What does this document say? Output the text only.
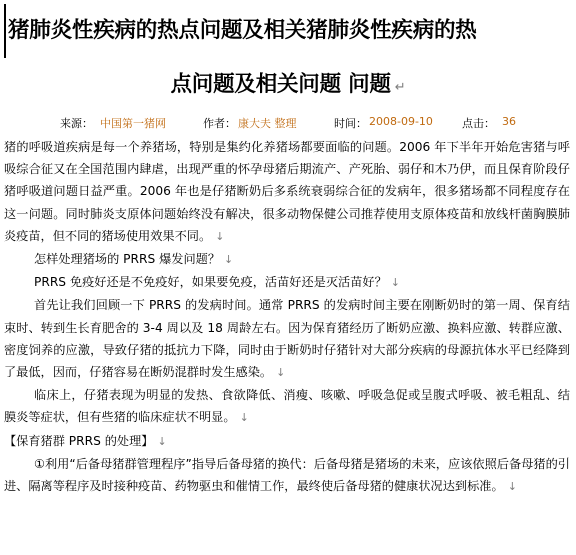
猪肺炎性疾病的热点问题及相关猪肺炎性疾病的热
点问题及相关问题 问题 ↵
来源： 中国第一猪网	作者： 康大夫 整理	时间： 2008-09-10	点击： 36

猪的呼吸道疾病是每一个养猪场，特别是集约化养猪场都要面临的问题。2006 年下半年开始危害猪与呼吸综合征又在全国范围内肆虐，出现严重的怀孕母猪后期流产、产死胎、弱仔和木乃伊，而且保育阶段仔猪呼吸道问题日益严重。2006 年也是仔猪断奶后多系统衰弱综合征的发病年，很多猪场都不同程度存在这一问题。同时肺炎支原体问题始终没有解决，很多动物保健公司推荐使用支原体疫苗和放线杆菌胸膜肺炎疫苗，但不同的猪场使用效果不同。 ↓

怎样处理猪场的 PRRS 爆发问题？ ↓

PRRS 免疫好还是不免疫好，如果要免疫，活苗好还是灭活苗好？ ↓

首先让我们回顾一下 PRRS 的发病时间。通常 PRRS 的发病时间主要在刚断奶时的第一周、保育结束时、转到生长育肥舍的 3-4 周以及 18 周龄左右。因为保育猪经历了断奶应激、换料应激、转群应激、密度饲养的应激，导致仔猪的抵抗力下降，同时由于断奶时仔猪针对大部分疾病的母源抗体水平已经降到了最低，因而，仔猪容易在断奶混群时发生感染。 ↓

临床上，仔猪表现为明显的发热、食欲降低、消瘦、咳嗽、呼吸急促或呈腹式呼吸、被毛粗乱、结膜炎等症状，但有些猪的临床症状不明显。 ↓

【保育猪群 PRRS 的处理】 ↓

①利用“后备母猪群管理程序”指导后备母猪的换代：后备母猪是猪场的未来，应该依照后备母猪的引进、隔离等程序及时接种疫苗、药物驱虫和催情工作，最终使后备母猪的健康状况达到标准。 ↓
